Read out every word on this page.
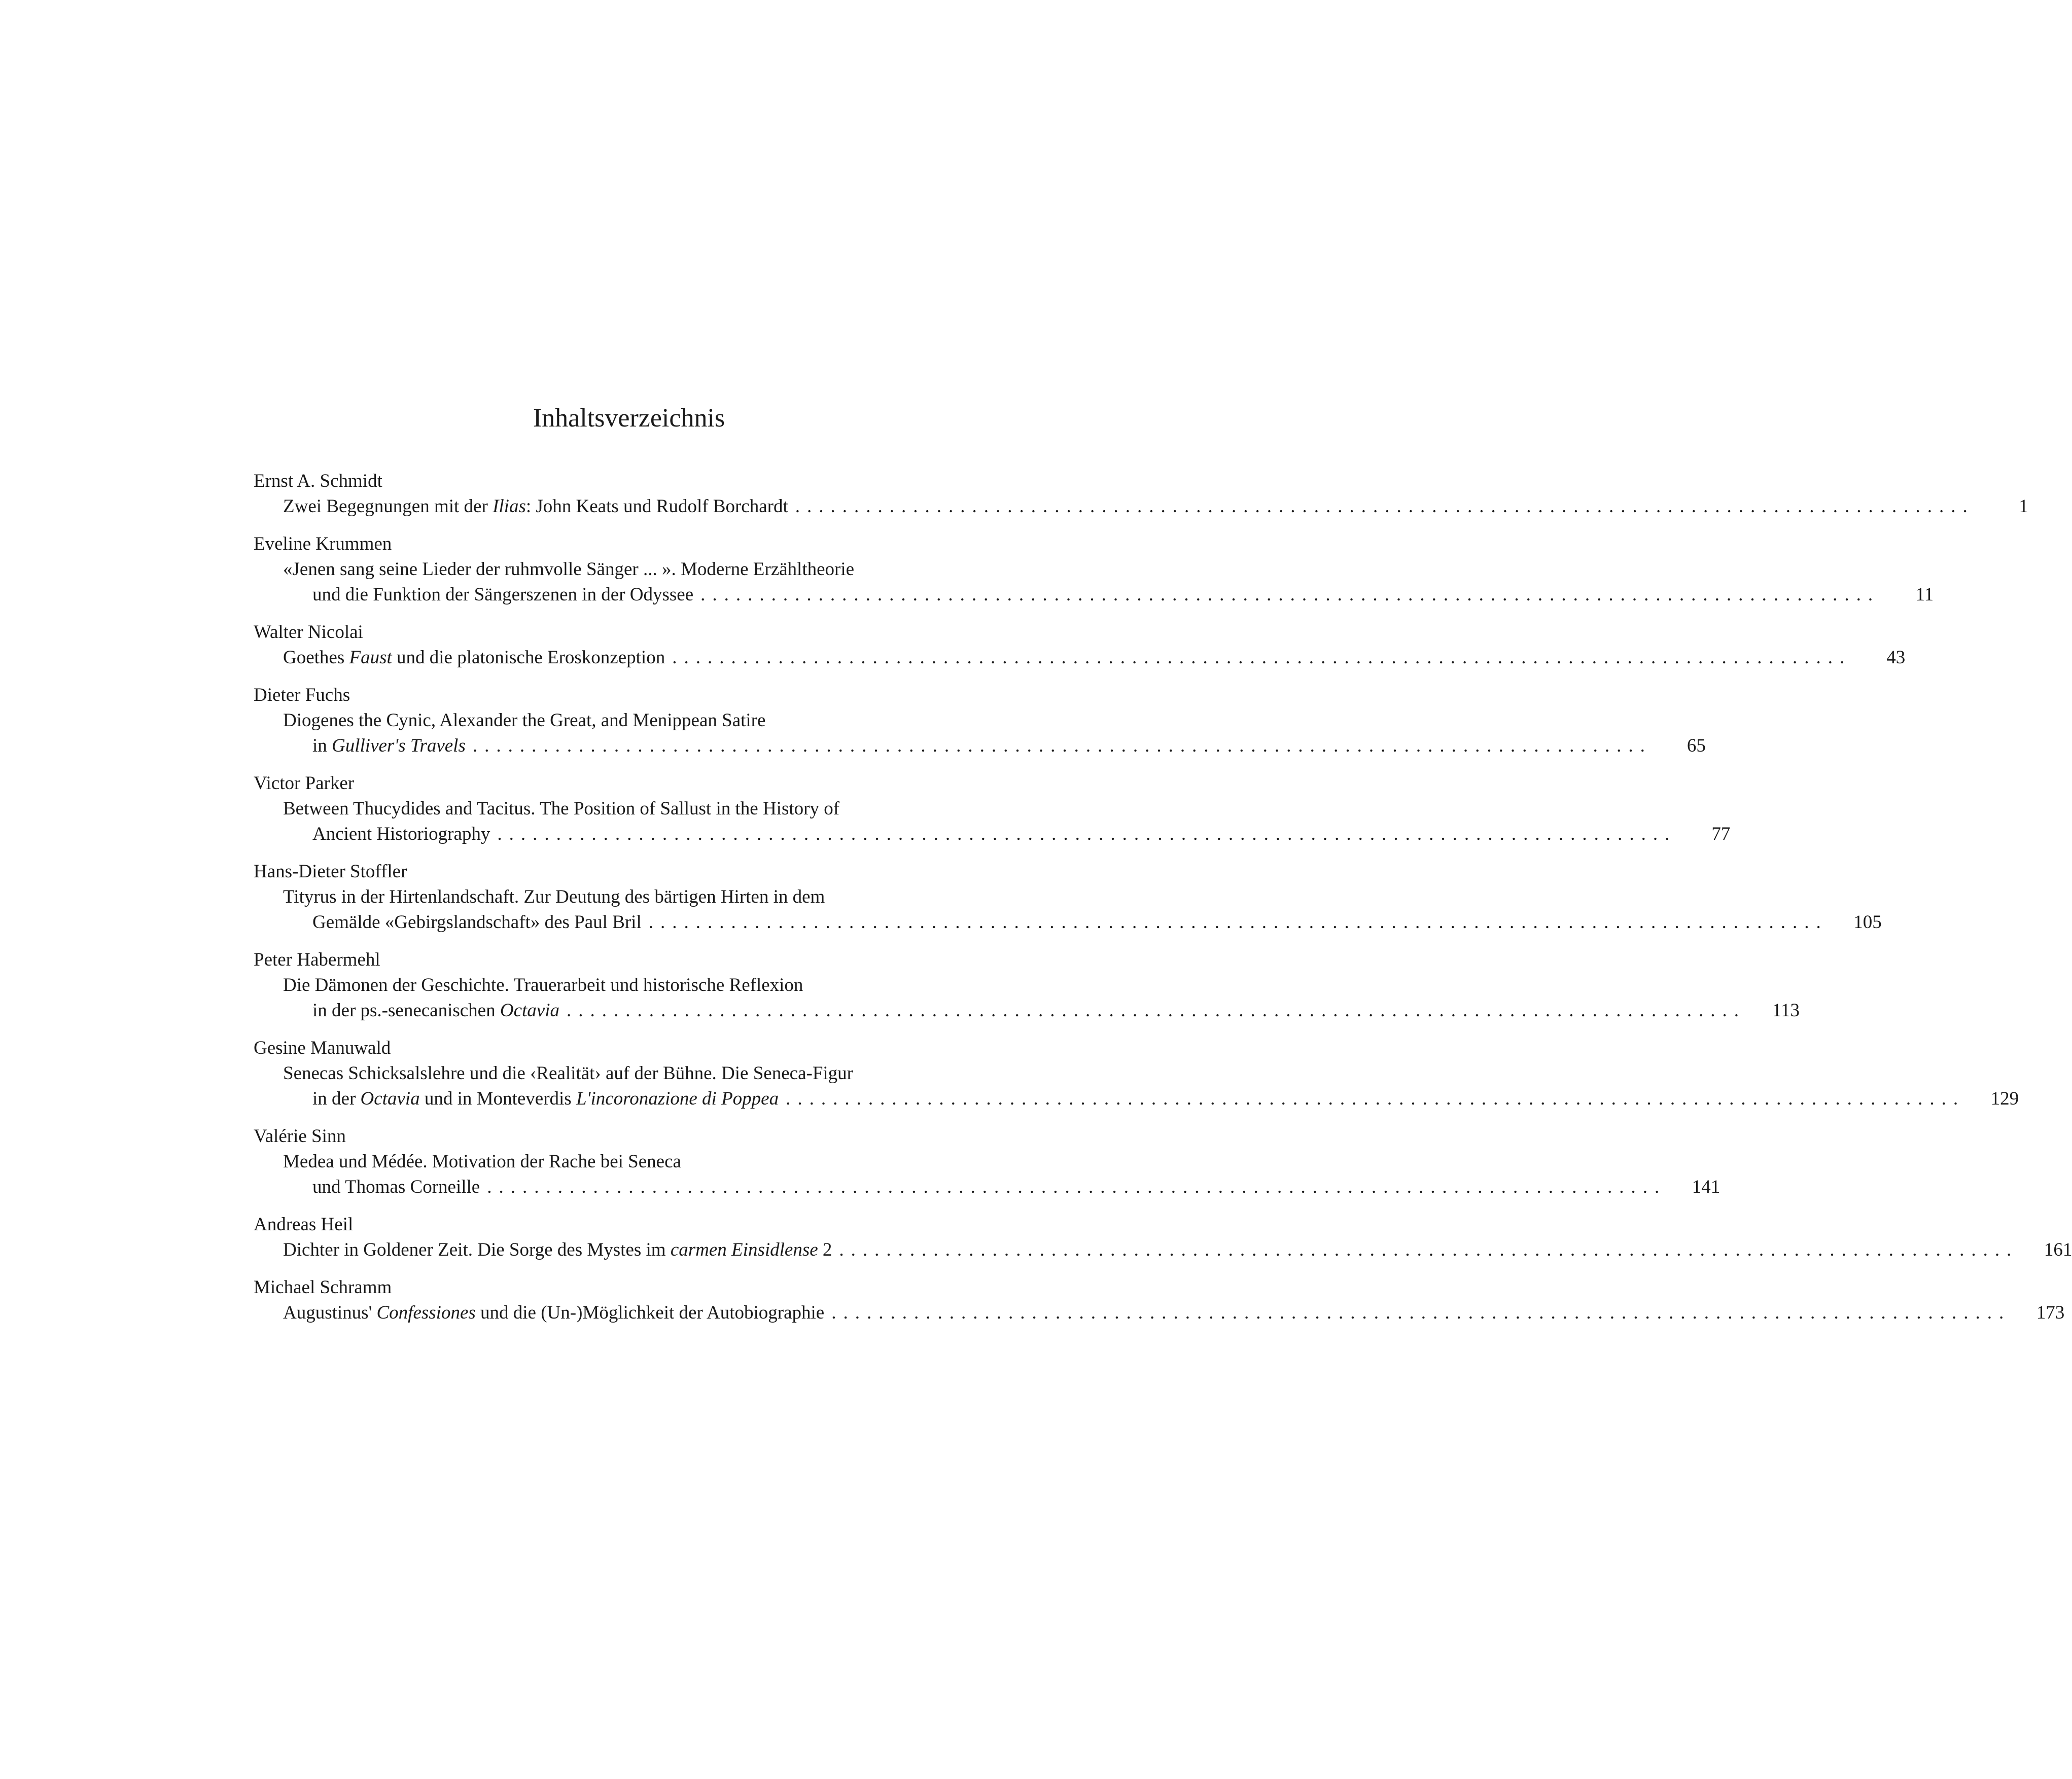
Inhaltsverzeichnis
Ernst A. Schmidt
Zwei Begegnungen mit der Ilias: John Keats und Rudolf Borchardt ....................................................................................................	1
Eveline Krummen
«Jenen sang seine Lieder der ruhmvolle Sänger ... ». Moderne Erzähltheorie
und die Funktion der Sängerszenen in der Odyssee ....................................................................................................	11
Walter Nicolai
Goethes Faust und die platonische Eroskonzeption ....................................................................................................	43
Dieter Fuchs
Diogenes the Cynic, Alexander the Great, and Menippean Satire
in Gulliver's Travels ....................................................................................................	65
Victor Parker
Between Thucydides and Tacitus. The Position of Sallust in the History of
Ancient Historiography ....................................................................................................	77
Hans-Dieter Stoffler
Tityrus in der Hirtenlandschaft. Zur Deutung des bärtigen Hirten in dem
Gemälde «Gebirgslandschaft» des Paul Bril .................................................................................................... 105
Peter Habermehl
Die Dämonen der Geschichte. Trauerarbeit und historische Reflexion
in der ps.-senecanischen Octavia .................................................................................................... 113
Gesine Manuwald
Senecas Schicksalslehre und die ‹Realität› auf der Bühne. Die Seneca-Figur
in der Octavia und in Monteverdis L'incoronazione di Poppea .................................................................................................... 129
Valérie Sinn
Medea und Médée. Motivation der Rache bei Seneca
und Thomas Corneille .................................................................................................... 141
Andreas Heil
Dichter in Goldener Zeit. Die Sorge des Mystes im carmen Einsidlense 2 .................................................................................................... 161
Michael Schramm
Augustinus' Confessiones und die (Un-)Möglichkeit der Autobiographie .................................................................................................... 173
